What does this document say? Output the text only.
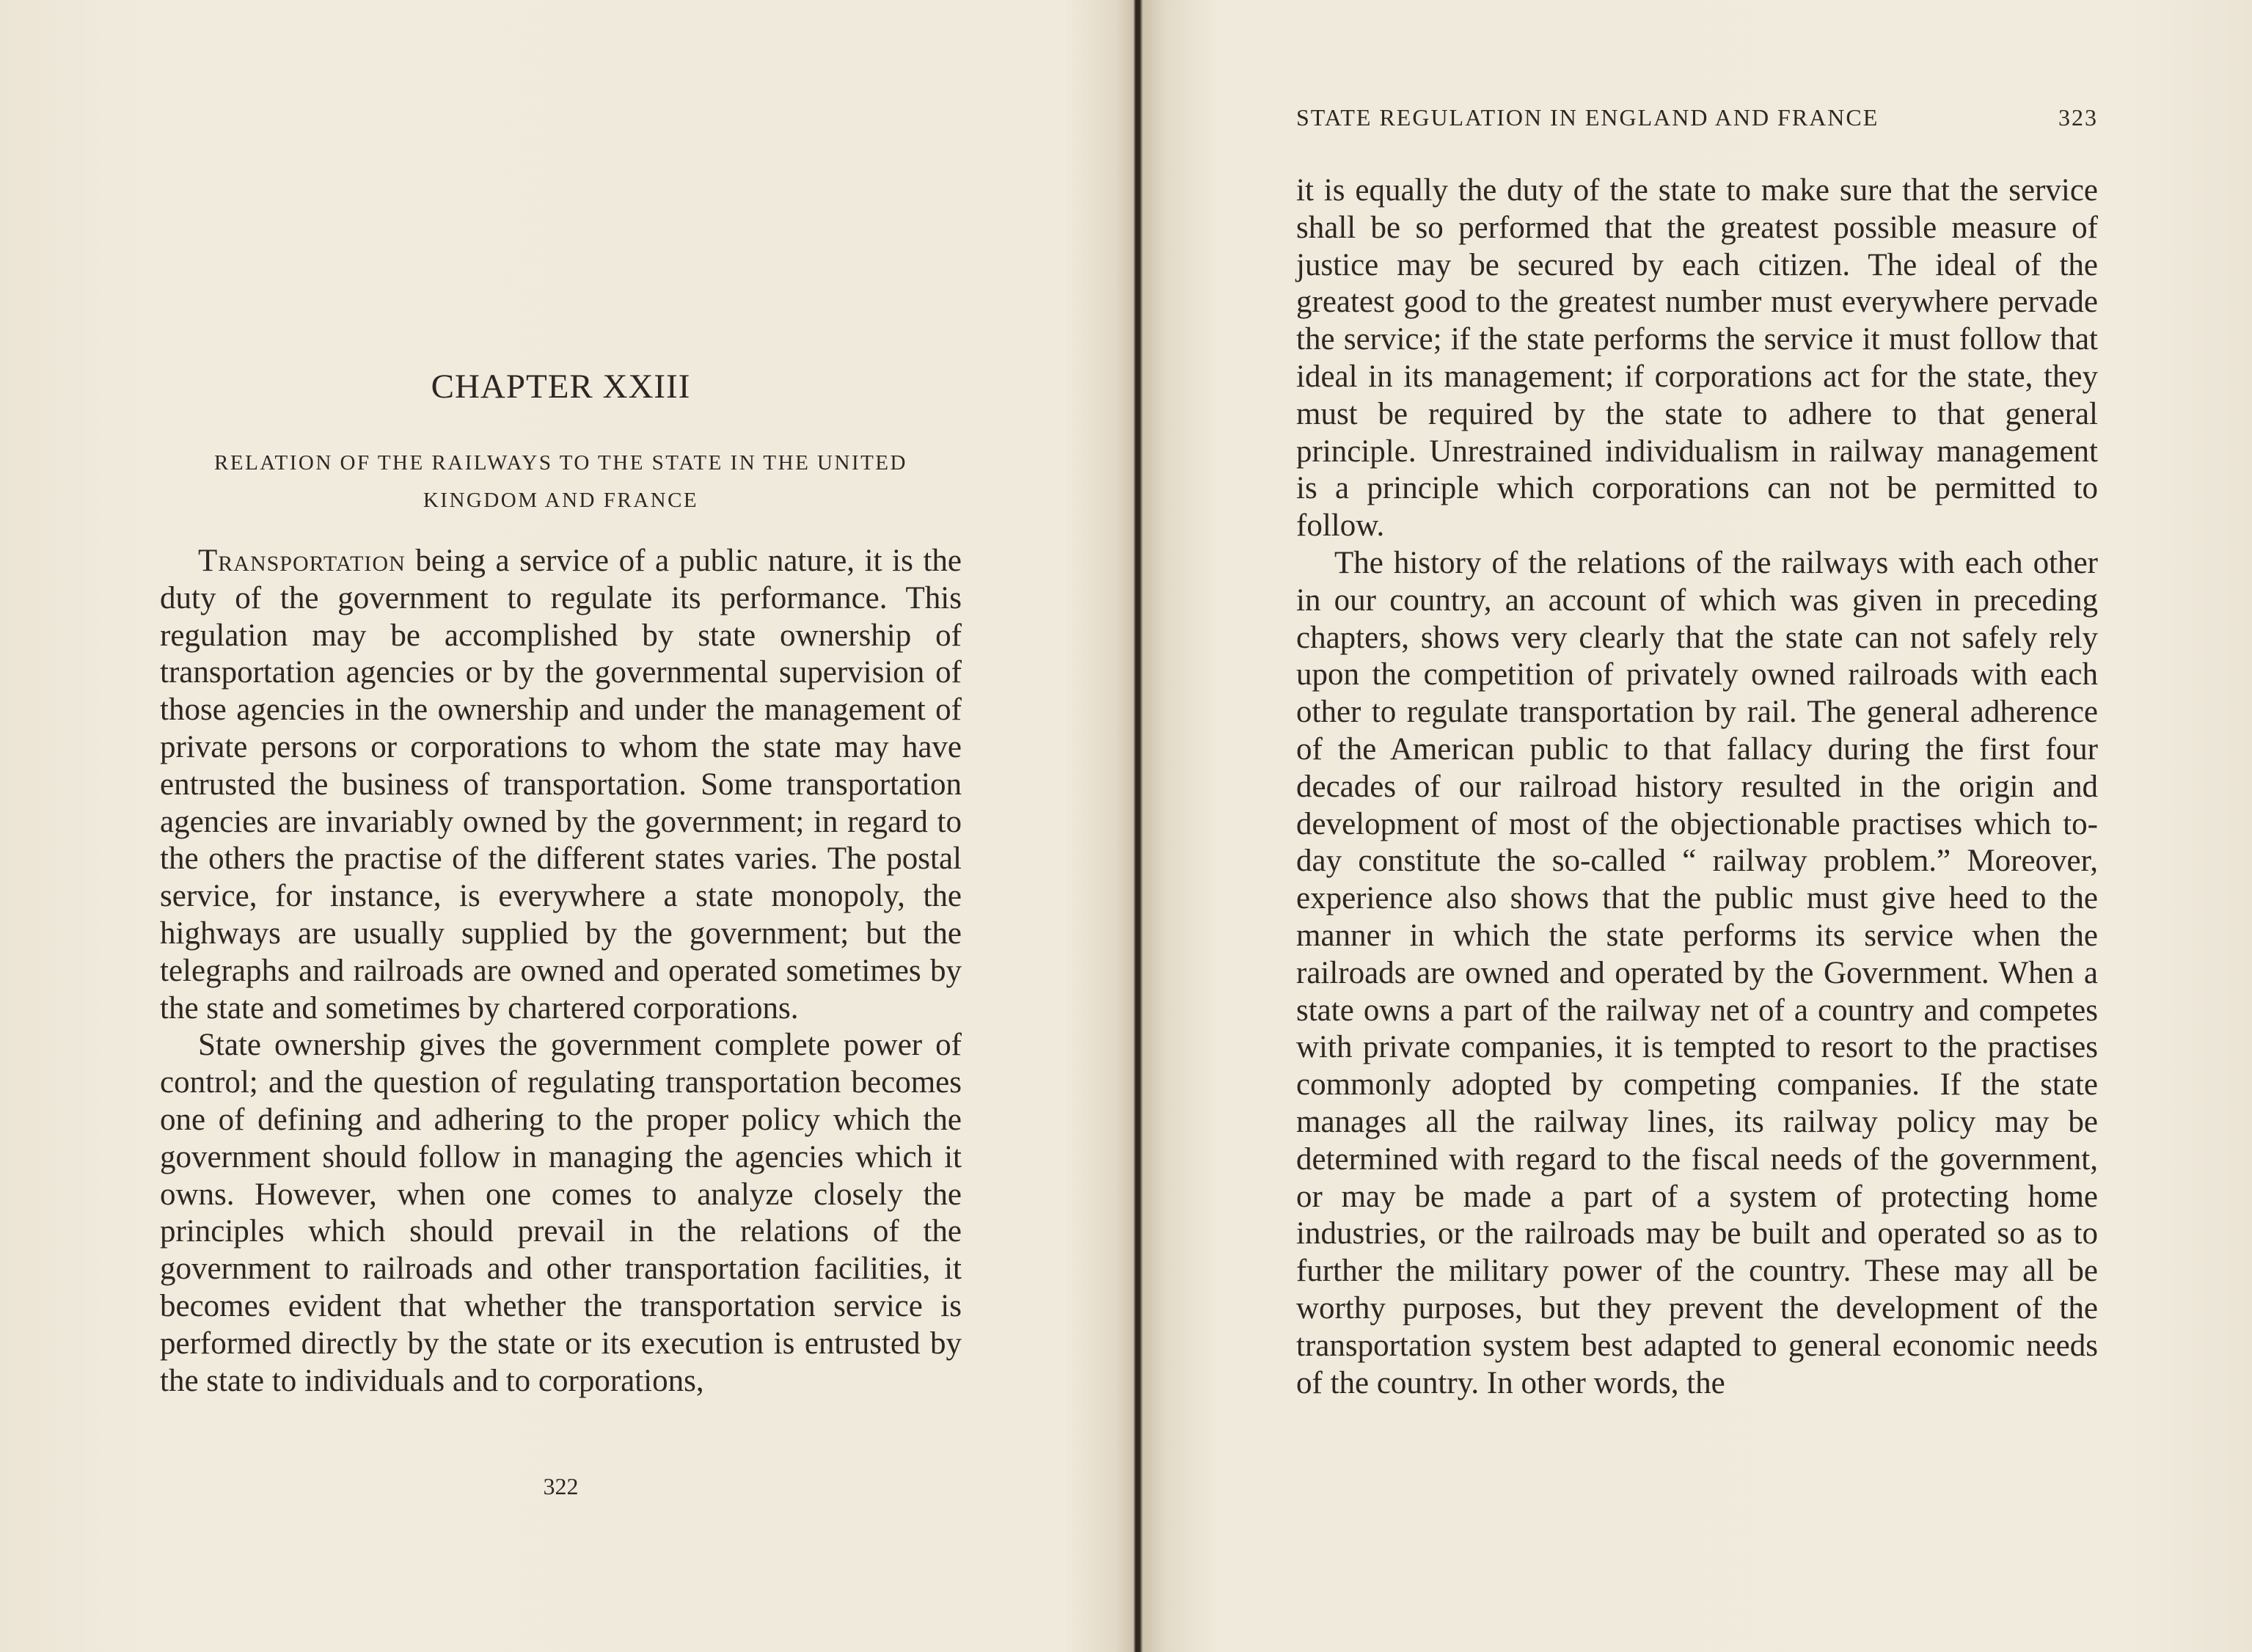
CHAPTER XXIII
RELATION OF THE RAILWAYS TO THE STATE IN THE UNITED KINGDOM AND FRANCE

Transportation being a service of a public nature, it is the duty of the government to regulate its performance. This regulation may be accomplished by state ownership of transportation agencies or by the governmental supervision of those agencies in the ownership and under the management of private persons or corporations to whom the state may have entrusted the business of transportation. Some transportation agencies are invariably owned by the government; in regard to the others the practise of the different states varies. The postal service, for instance, is everywhere a state monopoly, the highways are usually supplied by the government; but the telegraphs and railroads are owned and operated sometimes by the state and sometimes by chartered corporations.

State ownership gives the government complete power of control; and the question of regulating transportation becomes one of defining and adhering to the proper policy which the government should follow in managing the agencies which it owns. However, when one comes to analyze closely the principles which should prevail in the relations of the government to railroads and other transportation facilities, it becomes evident that whether the transportation service is performed directly by the state or its execution is entrusted by the state to individuals and to corporations,

322
STATE REGULATION IN ENGLAND AND FRANCE	323

it is equally the duty of the state to make sure that the service shall be so performed that the greatest possible measure of justice may be secured by each citizen. The ideal of the greatest good to the greatest number must everywhere pervade the service; if the state performs the service it must follow that ideal in its management; if corporations act for the state, they must be required by the state to adhere to that general principle. Unrestrained individualism in railway management is a principle which corporations can not be permitted to follow.

The history of the relations of the railways with each other in our country, an account of which was given in preceding chapters, shows very clearly that the state can not safely rely upon the competition of privately owned railroads with each other to regulate transportation by rail. The general adherence of the American public to that fallacy during the first four decades of our railroad history resulted in the origin and development of most of the objectionable practises which to-day constitute the so-called “ railway problem.” Moreover, experience also shows that the public must give heed to the manner in which the state performs its service when the railroads are owned and operated by the Government. When a state owns a part of the railway net of a country and competes with private companies, it is tempted to resort to the practises commonly adopted by competing companies. If the state manages all the railway lines, its railway policy may be determined with regard to the fiscal needs of the government, or may be made a part of a system of protecting home industries, or the railroads may be built and operated so as to further the military power of the country. These may all be worthy purposes, but they prevent the development of the transportation system best adapted to general economic needs of the country. In other words, the
